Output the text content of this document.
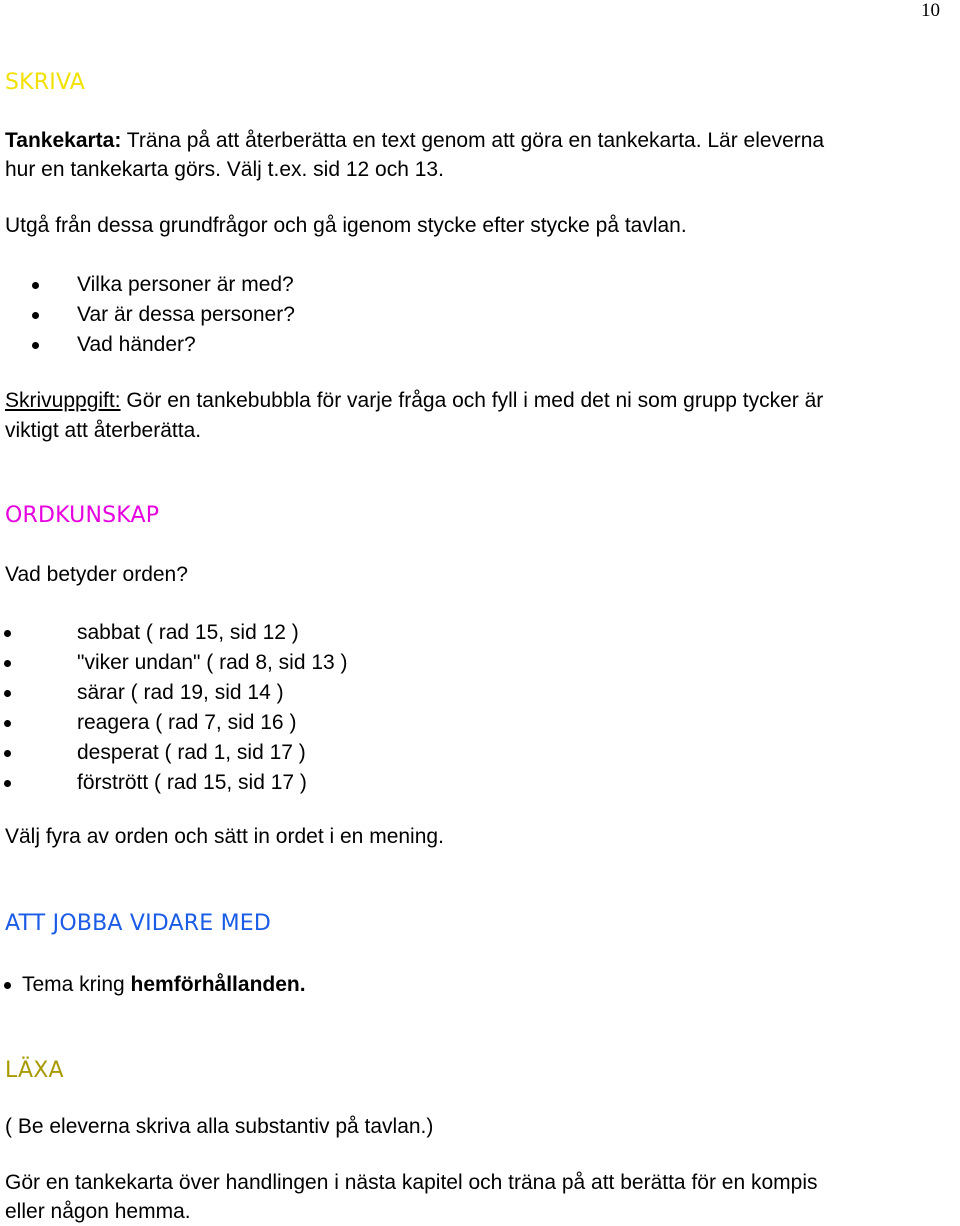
10
SKRIVA
Tankekarta: Träna på att återberätta en text genom att göra en tankekarta. Lär eleverna
hur en tankekarta görs. Välj t.ex. sid 12 och 13.
Utgå från dessa grundfrågor och gå igenom stycke efter stycke på tavlan.
Vilka personer är med?
Var är dessa personer?
Vad händer?
Skrivuppgift: Gör en tankebubbla för varje fråga och fyll i med det ni som grupp tycker är
viktigt att återberätta.
ORDKUNSKAP
Vad betyder orden?
sabbat ( rad 15, sid 12 )
"viker undan" ( rad 8, sid 13 )
särar ( rad 19, sid 14 )
reagera ( rad 7, sid 16 )
desperat ( rad 1, sid 17 )
förstrött ( rad 15, sid 17 )
Välj fyra av orden och sätt in ordet i en mening.
ATT JOBBA VIDARE MED
Tema kring hemförhållanden.
LÄXA
( Be eleverna skriva alla substantiv på tavlan.)
Gör en tankekarta över handlingen i nästa kapitel och träna på att berätta för en kompis
eller någon hemma.
